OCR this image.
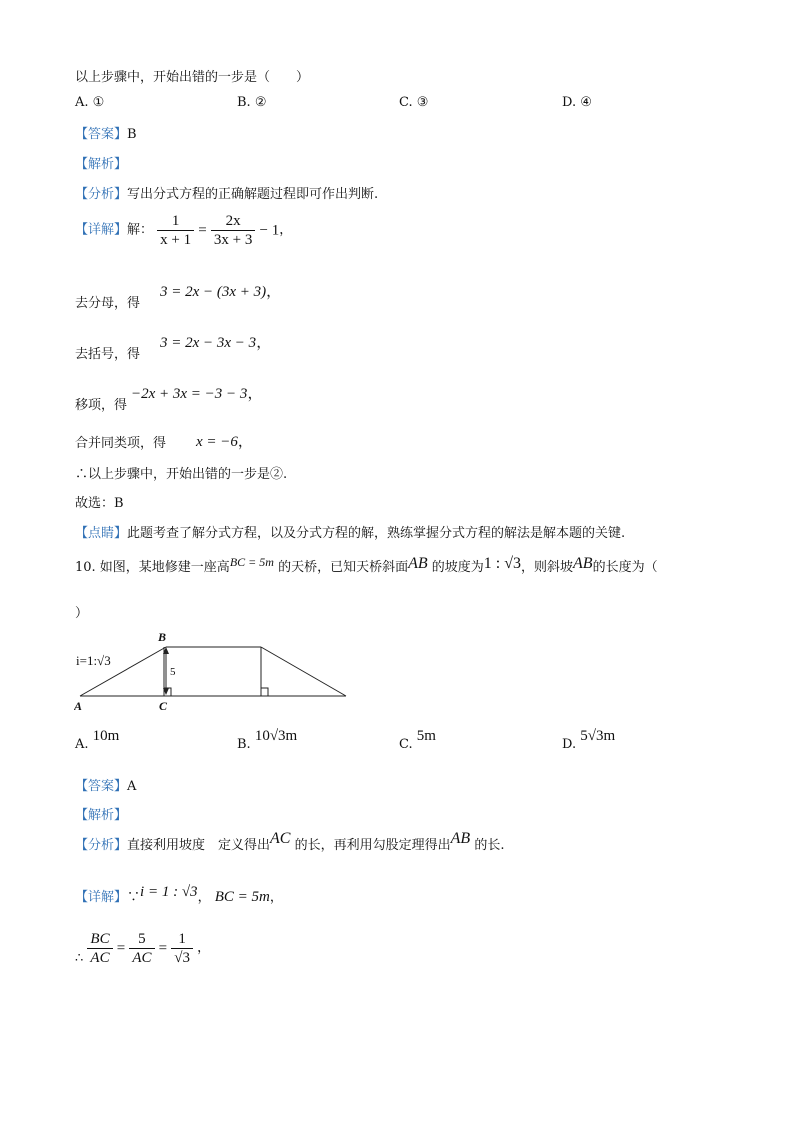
以上步骤中，开始出错的一步是（　　）
A. ①	B. ②	C. ③	D. ④
【答案】B
【解析】
【分析】写出分式方程的正确解题过程即可作出判断.
【详解】解： $\frac{1}{x + 1} = \frac{2x}{3x + 3} - 1$，
去分母，得
3 = 2x − (3x + 3)，
去括号，得
3 = 2x − 3x − 3，
移项，得
−2x + 3x = −3 − 3，
合并同类项，得 x = −6，
∴以上步骤中，开始出错的一步是②.
故选：B
【点睛】此题考查了解分式方程，以及分式方程的解，熟练掌握分式方程的解法是解本题的关键.
10. 如图，某地修建一座高BC = 5m 的天桥，已知天桥斜面AB 的坡度为1 : √3，则斜坡AB的长度为（
）
i=1:√3
5
B
A	C
A. 10m
B. 10√3m
C. 5m
D. 5√3m
【答案】A
【解析】
【分析】直接利用坡度　定义得出AC 的长，再利用勾股定理得出AB 的长.
【详解】∵i = 1 : √3， BC = 5m，
∴ $\frac{BC}{AC} = \frac{5}{AC} = \frac{1}{√3}$ ，
